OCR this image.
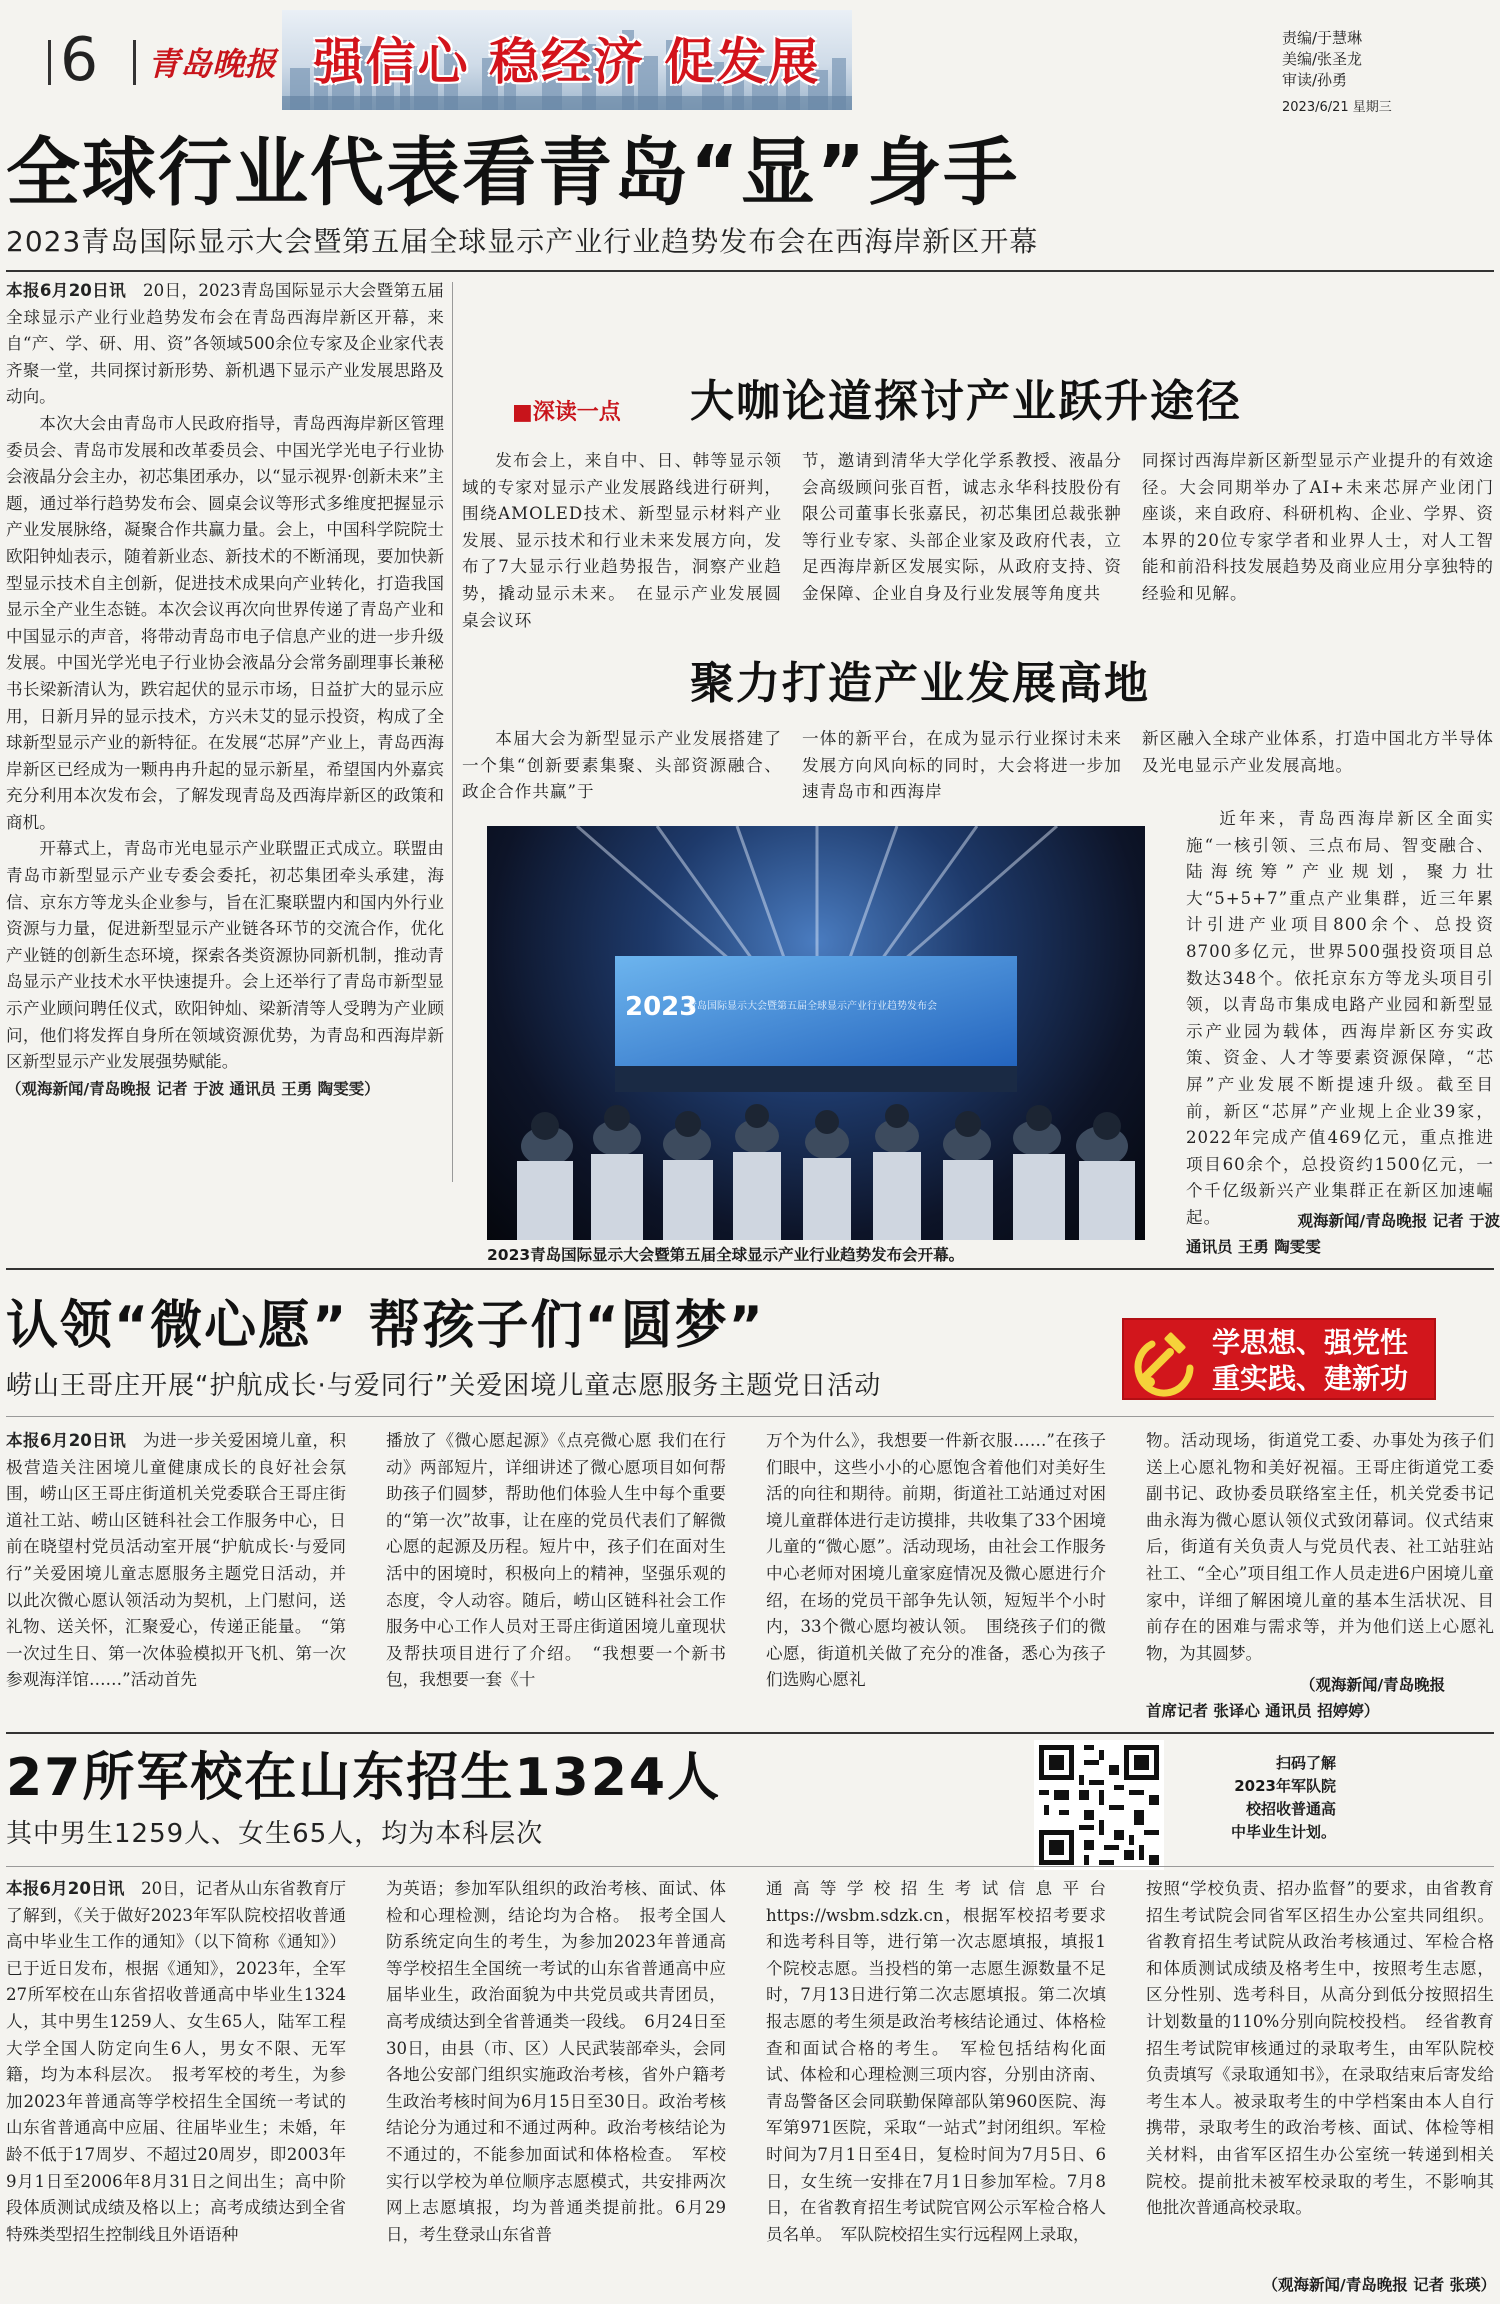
6	青岛晚报 强信心 稳经济 促发展	责编/于慧琳
美编/张圣龙
审读/孙勇
2023/6/21 星期三
全球行业代表看青岛“显”身手
2023青岛国际显示大会暨第五届全球显示产业行业趋势发布会在西海岸新区开幕

本报6月20日讯　 20日，2023青岛国际显示大会暨第五届全球显示产业行业趋势发布会在青岛西海岸新区开幕，来自“产、学、研、用、资”各领域500余位专家及企业家代表齐聚一堂，共同探讨新形势、新机遇下显示产业发展思路及动向。

本次大会由青岛市人民政府指导，青岛西海岸新区管理委员会、青岛市发展和改革委员会、中国光学光电子行业协会液晶分会主办，初芯集团承办，以“显示视界·创新未来”主题，通过举行趋势发布会、圆桌会议等形式多维度把握显示产业发展脉络，凝聚合作共赢力量。会上，中国科学院院士欧阳钟灿表示，随着新业态、新技术的不断涌现，要加快新型显示技术自主创新，促进技术成果向产业转化，打造我国显示全产业生态链。本次会议再次向世界传递了青岛产业和中国显示的声音，将带动青岛市电子信息产业的进一步升级发展。中国光学光电子行业协会液晶分会常务副理事长兼秘书长梁新清认为，跌宕起伏的显示市场，日益扩大的显示应用，日新月异的显示技术，方兴未艾的显示投资，构成了全球新型显示产业的新特征。在发展“芯屏”产业上，青岛西海岸新区已经成为一颗冉冉升起的显示新星，希望国内外嘉宾充分利用本次发布会，了解发现青岛及西海岸新区的政策和商机。

开幕式上，青岛市光电显示产业联盟正式成立。联盟由青岛市新型显示产业专委会委托，初芯集团牵头承建，海信、京东方等龙头企业参与，旨在汇聚联盟内和国内外行业资源与力量，促进新型显示产业链各环节的交流合作，优化产业链的创新生态环境，探索各类资源协同新机制，推动青岛显示产业技术水平快速提升。会上还举行了青岛市新型显示产业顾问聘任仪式，欧阳钟灿、梁新清等人受聘为产业顾问，他们将发挥自身所在领域资源优势，为青岛和西海岸新区新型显示产业发展强势赋能。

（观海新闻/青岛晚报 记者 于波 通讯员 王勇 陶雯雯）

■深读一点	大咖论道探讨产业跃升途径
发布会上，来自中、日、韩等显示领域的专家对显示产业发展路线进行研判，围绕AMOLED技术、新型显示材料产业发展、显示技术和行业未来发展方向，发布了7大显示行业趋势报告，洞察产业趋势，撬动显示未来。　在显示产业发展圆桌会议环
节，邀请到清华大学化学系教授、液晶分会高级顾问张百哲，诚志永华科技股份有限公司董事长张嘉民，初芯集团总裁张翀等行业专家、头部企业家及政府代表，立足西海岸新区发展实际，从政府支持、资金保障、企业自身及行业发展等角度共
同探讨西海岸新区新型显示产业提升的有效途径。大会同期举办了AI+未来芯屏产业闭门座谈，来自政府、科研机构、企业、学界、资本界的20位专家学者和业界人士，对人工智能和前沿科技发展趋势及商业应用分享独特的经验和见解。
聚力打造产业发展高地
本届大会为新型显示产业发展搭建了一个集“创新要素集聚、头部资源融合、政企合作共赢”于
一体的新平台，在成为显示行业探讨未来发展方向风向标的同时，大会将进一步加速青岛市和西海岸
新区融入全球产业体系，打造中国北方半导体及光电显示产业发展高地。
近年来，青岛西海岸新区全面实施“一核引领、三点布局、智变融合、陆海统筹”产业规划，聚力壮大“5+5+7”重点产业集群，近三年累计引进产业项目800余个、总投资8700多亿元，世界500强投资项目总数达348个。依托京东方等龙头项目引领，以青岛市集成电路产业园和新型显示产业园为载体，西海岸新区夯实政策、资金、人才等要素资源保障，“芯屏”产业发展不断提速升级。截至目前，新区“芯屏”产业规上企业39家，2022年完成产值469亿元，重点推进项目60余个，总投资约1500亿元，一个千亿级新兴产业集群正在新区加速崛起。	观海新闻/青岛晚报 记者 于波
通讯员 王勇 陶雯雯
2023
青岛国际显示大会暨第五届全球显示产业行业趋势发布会
2023青岛国际显示大会暨第五届全球显示产业行业趋势发布会开幕。
认领“微心愿” 帮孩子们“圆梦”
崂山王哥庄开展“护航成长·与爱同行”关爱困境儿童志愿服务主题党日活动
学思想、强党性
重实践、建新功

本报6月20日讯　 为进一步关爱困境儿童，积极营造关注困境儿童健康成长的良好社会氛围，崂山区王哥庄街道机关党委联合王哥庄街道社工站、崂山区链科社会工作服务中心，日前在晓望村党员活动室开展“护航成长·与爱同行”关爱困境儿童志愿服务主题党日活动，并以此次微心愿认领活动为契机，上门慰问，送礼物、送关怀，汇聚爱心，传递正能量。　“第一次过生日、第一次体验模拟开飞机、第一次参观海洋馆……”活动首先

播放了《微心愿起源》《点亮微心愿 我们在行动》两部短片，详细讲述了微心愿项目如何帮助孩子们圆梦，帮助他们体验人生中每个重要的“第一次”故事，让在座的党员代表们了解微心愿的起源及历程。短片中，孩子们在面对生活中的困境时，积极向上的精神，坚强乐观的态度，令人动容。随后，崂山区链科社会工作服务中心工作人员对王哥庄街道困境儿童现状及帮扶项目进行了介绍。　“我想要一个新书包，我想要一套《十
万个为什么》，我想要一件新衣服……”在孩子们眼中，这些小小的心愿饱含着他们对美好生活的向往和期待。前期，街道社工站通过对困境儿童群体进行走访摸排，共收集了33个困境儿童的“微心愿”。活动现场，由社会工作服务中心老师对困境儿童家庭情况及微心愿进行介绍，在场的党员干部争先认领，短短半个小时内，33个微心愿均被认领。　围绕孩子们的微心愿，街道机关做了充分的准备，悉心为孩子们选购心愿礼
物。活动现场，街道党工委、办事处为孩子们送上心愿礼物和美好祝福。王哥庄街道党工委副书记、政协委员联络室主任，机关党委书记曲永海为微心愿认领仪式致闭幕词。仪式结束后，街道有关负责人与党员代表、社工站驻站社工、“全心”项目组工作人员走进6户困境儿童家中，详细了解困境儿童的基本生活状况、目前存在的困难与需求等，并为他们送上心愿礼物，为其圆梦。
（观海新闻/青岛晚报
首席记者 张译心 通讯员 招婷婷）
27所军校在山东招生1324人
其中男生1259人、女生65人，均为本科层次
扫码了解
2023年军队院
校招收普通高
中毕业生计划。

本报6月20日讯　 20日，记者从山东省教育厅了解到，《关于做好2023年军队院校招收普通高中毕业生工作的通知》（以下简称《通知》）已于近日发布，根据《通知》，2023年，全军27所军校在山东省招收普通高中毕业生1324人，其中男生1259人、女生65人，陆军工程大学全国人防定向生6人，男女不限、无军籍，均为本科层次。　报考军校的考生，为参加2023年普通高等学校招生全国统一考试的山东省普通高中应届、往届毕业生；未婚，年龄不低于17周岁、不超过20周岁，即2003年9月1日至2006年8月31日之间出生；高中阶段体质测试成绩及格以上；高考成绩达到全省特殊类型招生控制线且外语语种

为英语；参加军队组织的政治考核、面试、体检和心理检测，结论均为合格。　报考全国人防系统定向生的考生，为参加2023年普通高等学校招生全国统一考试的山东省普通高中应届毕业生，政治面貌为中共党员或共青团员，高考成绩达到全省普通类一段线。　6月24日至30日，由县（市、区）人民武装部牵头，会同各地公安部门组织实施政治考核，省外户籍考生政治考核时间为6月15日至30日。政治考核结论分为通过和不通过两种。政治考核结论为不通过的，不能参加面试和体格检查。　军校实行以学校为单位顺序志愿模式，共安排两次网上志愿填报，均为普通类提前批。6月29日，考生登录山东省普
通高等学校招生考试信息平台https://wsbm.sdzk.cn，根据军校招考要求和选考科目等，进行第一次志愿填报，填报1个院校志愿。当投档的第一志愿生源数量不足时，7月13日进行第二次志愿填报。第二次填报志愿的考生须是政治考核结论通过、体格检查和面试合格的考生。　军检包括结构化面试、体检和心理检测三项内容，分别由济南、青岛警备区会同联勤保障部队第960医院、海军第971医院，采取“一站式”封闭组织。军检时间为7月1日至4日，复检时间为7月5日、6日，女生统一安排在7月1日参加军检。7月8日，在省教育招生考试院官网公示军检合格人员名单。　军队院校招生实行远程网上录取，
按照“学校负责、招办监督”的要求，由省教育招生考试院会同省军区招生办公室共同组织。省教育招生考试院从政治考核通过、军检合格和体质测试成绩及格考生中，按照考生志愿，区分性别、选考科目，从高分到低分按照招生计划数量的110%分别向院校投档。　经省教育招生考试院审核通过的录取考生，由军队院校负责填写《录取通知书》，在录取结束后寄发给考生本人。被录取考生的中学档案由本人自行携带，录取考生的政治考核、面试、体检等相关材料，由省军区招生办公室统一转递到相关院校。提前批未被军校录取的考生，不影响其他批次普通高校录取。
（观海新闻/青岛晚报 记者 张瑛）
